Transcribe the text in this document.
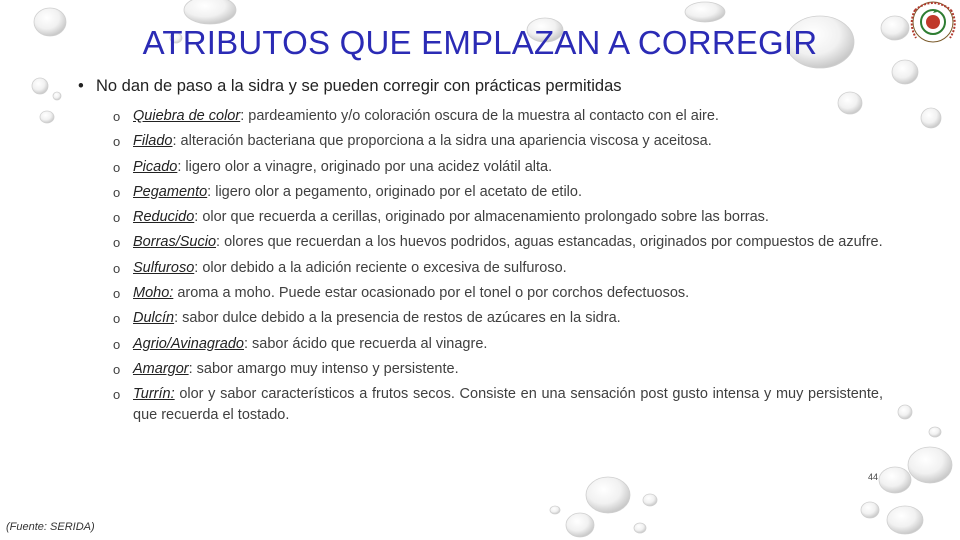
ATRIBUTOS QUE EMPLAZAN A CORREGIR
• No dan de paso a la sidra y se pueden corregir con prácticas permitidas
o Quiebra de color: pardeamiento y/o coloración oscura de la muestra al contacto con el aire.
o Filado: alteración bacteriana que proporciona a la sidra una apariencia viscosa y aceitosa.
o Picado: ligero olor a vinagre, originado por una acidez volátil alta.
o Pegamento: ligero olor a pegamento, originado por el acetato de etilo.
o Reducido: olor que recuerda a cerillas, originado por almacenamiento prolongado sobre las borras.
o Borras/Sucio: olores que recuerdan a los huevos podridos, aguas estancadas, originados por compuestos de azufre.
o Sulfuroso: olor debido a la adición reciente o excesiva de sulfuroso.
o Moho: aroma a moho. Puede estar ocasionado por el tonel o por corchos defectuosos.
o Dulcín: sabor dulce debido a la presencia de restos de azúcares en la sidra.
o Agrio/Avinagrado: sabor ácido que recuerda al vinagre.
o Amargor: sabor amargo muy intenso y persistente.
o Turrín: olor y sabor característicos a frutos secos. Consiste en una sensación post gusto intensa y muy persistente, que recuerda el tostado.
44
(Fuente: SERIDA)
